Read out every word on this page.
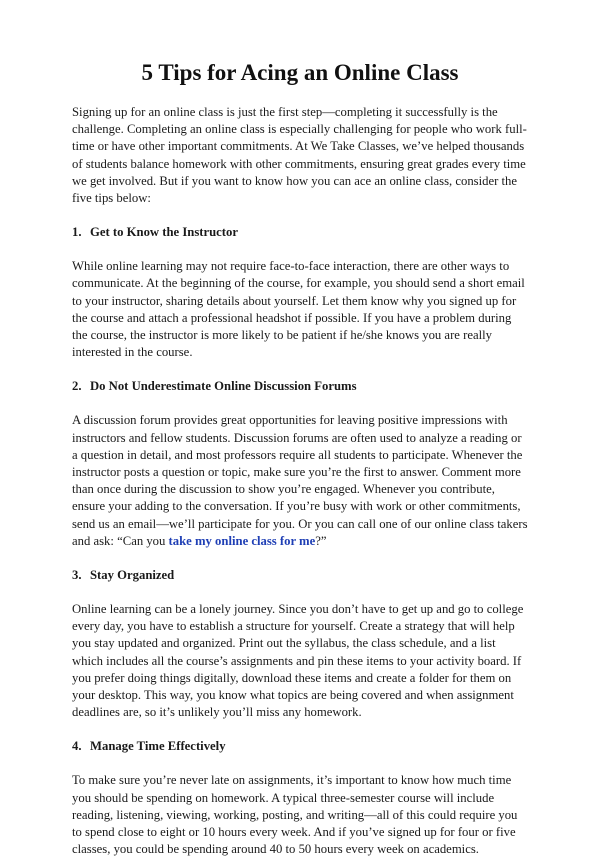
5 Tips for Acing an Online Class

Signing up for an online class is just the first step—completing it successfully is the challenge. Completing an online class is especially challenging for people who work full-time or have other important commitments. At We Take Classes, we’ve helped thousands of students balance homework with other commitments, ensuring great grades every time we get involved. But if you want to know how you can ace an online class, consider the five tips below:

1. Get to Know the Instructor

While online learning may not require face-to-face interaction, there are other ways to communicate. At the beginning of the course, for example, you should send a short email to your instructor, sharing details about yourself. Let them know why you signed up for the course and attach a professional headshot if possible. If you have a problem during the course, the instructor is more likely to be patient if he/she knows you are really interested in the course.

2. Do Not Underestimate Online Discussion Forums

A discussion forum provides great opportunities for leaving positive impressions with instructors and fellow students. Discussion forums are often used to analyze a reading or a question in detail, and most professors require all students to participate. Whenever the instructor posts a question or topic, make sure you’re the first to answer. Comment more than once during the discussion to show you’re engaged. Whenever you contribute, ensure your adding to the conversation. If you’re busy with work or other commitments, send us an email—we’ll participate for you. Or you can call one of our online class takers and ask: “Can you take my online class for me?”

3. Stay Organized

Online learning can be a lonely journey. Since you don’t have to get up and go to college every day, you have to establish a structure for yourself. Create a strategy that will help you stay updated and organized. Print out the syllabus, the class schedule, and a list which includes all the course’s assignments and pin these items to your activity board. If you prefer doing things digitally, download these items and create a folder for them on your desktop. This way, you know what topics are being covered and when assignment deadlines are, so it’s unlikely you’ll miss any homework.

4. Manage Time Effectively

To make sure you’re never late on assignments, it’s important to know how much time you should be spending on homework. A typical three-semester course will include reading, listening, viewing, working, posting, and writing—all of this could require you to spend close to eight or 10 hours every week. And if you’ve signed up for four or five classes, you could be spending around 40 to 50 hours every week on academics.
